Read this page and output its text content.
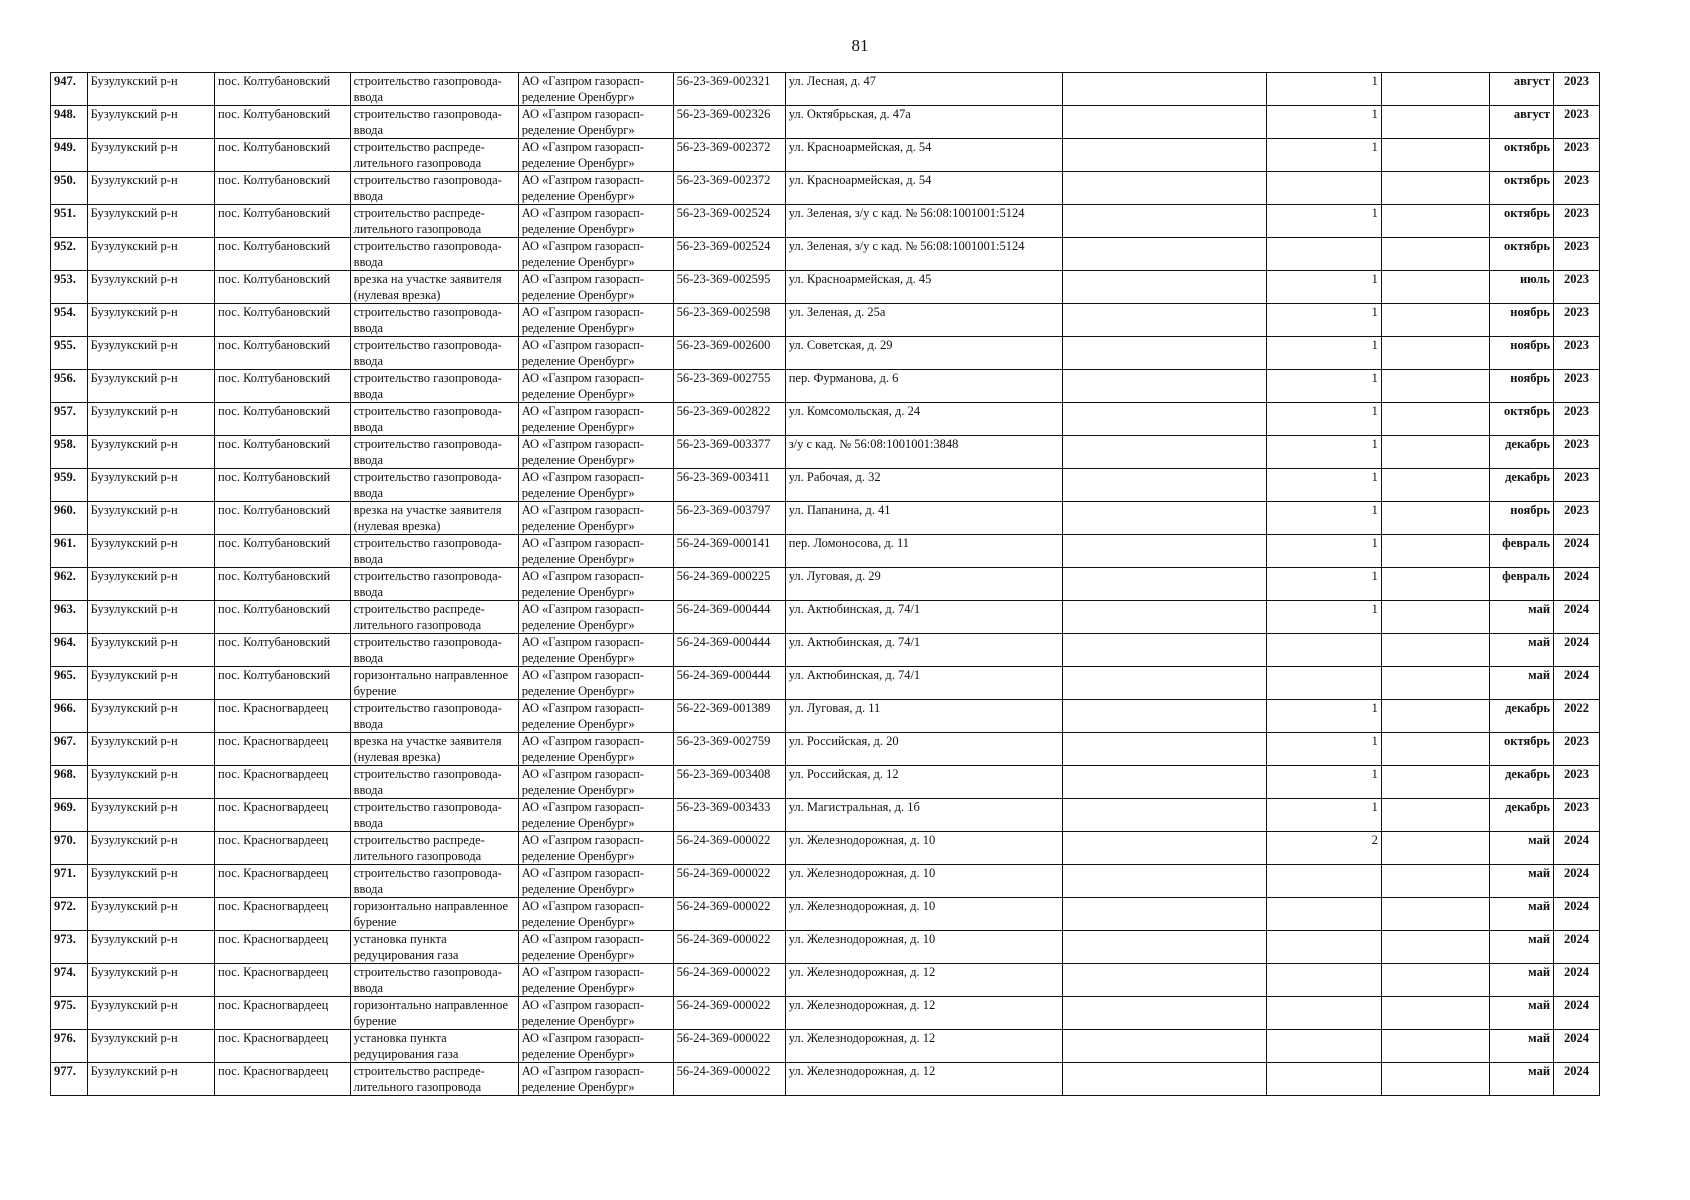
81
947.	Бузулукский р-н	пос. Колтубановский	строительство газопровода-ввода	АО «Газпром газорасп-ределение Оренбург»	56-23-369-002321	ул. Лесная, д. 47		1		август	2023
948.	Бузулукский р-н	пос. Колтубановский	строительство газопровода-ввода	АО «Газпром газорасп-ределение Оренбург»	56-23-369-002326	ул. Октябрьская, д. 47а		1		август	2023
949.	Бузулукский р-н	пос. Колтубановский	строительство распреде-лительного газопровода	АО «Газпром газорасп-ределение Оренбург»	56-23-369-002372	ул. Красноармейская, д. 54		1		октябрь	2023
950.	Бузулукский р-н	пос. Колтубановский	строительство газопровода-ввода	АО «Газпром газорасп-ределение Оренбург»	56-23-369-002372	ул. Красноармейская, д. 54				октябрь	2023
951.	Бузулукский р-н	пос. Колтубановский	строительство распреде-лительного газопровода	АО «Газпром газорасп-ределение Оренбург»	56-23-369-002524	ул. Зеленая, з/у с кад. № 56:08:1001001:5124		1		октябрь	2023
952.	Бузулукский р-н	пос. Колтубановский	строительство газопровода-ввода	АО «Газпром газорасп-ределение Оренбург»	56-23-369-002524	ул. Зеленая, з/у с кад. № 56:08:1001001:5124				октябрь	2023
953.	Бузулукский р-н	пос. Колтубановский	врезка на участке заявителя (нулевая врезка)	АО «Газпром газорасп-ределение Оренбург»	56-23-369-002595	ул. Красноармейская, д. 45		1		июль	2023
954.	Бузулукский р-н	пос. Колтубановский	строительство газопровода-ввода	АО «Газпром газорасп-ределение Оренбург»	56-23-369-002598	ул. Зеленая, д. 25а		1		ноябрь	2023
955.	Бузулукский р-н	пос. Колтубановский	строительство газопровода-ввода	АО «Газпром газорасп-ределение Оренбург»	56-23-369-002600	ул. Советская, д. 29		1		ноябрь	2023
956.	Бузулукский р-н	пос. Колтубановский	строительство газопровода-ввода	АО «Газпром газорасп-ределение Оренбург»	56-23-369-002755	пер. Фурманова, д. 6		1		ноябрь	2023
957.	Бузулукский р-н	пос. Колтубановский	строительство газопровода-ввода	АО «Газпром газорасп-ределение Оренбург»	56-23-369-002822	ул. Комсомольская, д. 24		1		октябрь	2023
958.	Бузулукский р-н	пос. Колтубановский	строительство газопровода-ввода	АО «Газпром газорасп-ределение Оренбург»	56-23-369-003377	з/у с кад. № 56:08:1001001:3848		1		декабрь	2023
959.	Бузулукский р-н	пос. Колтубановский	строительство газопровода-ввода	АО «Газпром газорасп-ределение Оренбург»	56-23-369-003411	ул. Рабочая, д. 32		1		декабрь	2023
960.	Бузулукский р-н	пос. Колтубановский	врезка на участке заявителя (нулевая врезка)	АО «Газпром газорасп-ределение Оренбург»	56-23-369-003797	ул. Папанина, д. 41		1		ноябрь	2023
961.	Бузулукский р-н	пос. Колтубановский	строительство газопровода-ввода	АО «Газпром газорасп-ределение Оренбург»	56-24-369-000141	пер. Ломоносова, д. 11		1		февраль	2024
962.	Бузулукский р-н	пос. Колтубановский	строительство газопровода-ввода	АО «Газпром газорасп-ределение Оренбург»	56-24-369-000225	ул. Луговая, д. 29		1		февраль	2024
963.	Бузулукский р-н	пос. Колтубановский	строительство распреде-лительного газопровода	АО «Газпром газорасп-ределение Оренбург»	56-24-369-000444	ул. Актюбинская, д. 74/1		1		май	2024
964.	Бузулукский р-н	пос. Колтубановский	строительство газопровода-ввода	АО «Газпром газорасп-ределение Оренбург»	56-24-369-000444	ул. Актюбинская, д. 74/1				май	2024
965.	Бузулукский р-н	пос. Колтубановский	горизонтально направленное бурение	АО «Газпром газорасп-ределение Оренбург»	56-24-369-000444	ул. Актюбинская, д. 74/1				май	2024
966.	Бузулукский р-н	пос. Красногвардеец	строительство газопровода-ввода	АО «Газпром газорасп-ределение Оренбург»	56-22-369-001389	ул. Луговая, д. 11		1		декабрь	2022
967.	Бузулукский р-н	пос. Красногвардеец	врезка на участке заявителя (нулевая врезка)	АО «Газпром газорасп-ределение Оренбург»	56-23-369-002759	ул. Российская, д. 20		1		октябрь	2023
968.	Бузулукский р-н	пос. Красногвардеец	строительство газопровода-ввода	АО «Газпром газорасп-ределение Оренбург»	56-23-369-003408	ул. Российская, д. 12		1		декабрь	2023
969.	Бузулукский р-н	пос. Красногвардеец	строительство газопровода-ввода	АО «Газпром газорасп-ределение Оренбург»	56-23-369-003433	ул. Магистральная, д. 1б		1		декабрь	2023
970.	Бузулукский р-н	пос. Красногвардеец	строительство распреде-лительного газопровода	АО «Газпром газорасп-ределение Оренбург»	56-24-369-000022	ул. Железнодорожная, д. 10		2		май	2024
971.	Бузулукский р-н	пос. Красногвардеец	строительство газопровода-ввода	АО «Газпром газорасп-ределение Оренбург»	56-24-369-000022	ул. Железнодорожная, д. 10				май	2024
972.	Бузулукский р-н	пос. Красногвардеец	горизонтально направленное бурение	АО «Газпром газорасп-ределение Оренбург»	56-24-369-000022	ул. Железнодорожная, д. 10				май	2024
973.	Бузулукский р-н	пос. Красногвардеец	установка пункта редуцирования газа	АО «Газпром газорасп-ределение Оренбург»	56-24-369-000022	ул. Железнодорожная, д. 10				май	2024
974.	Бузулукский р-н	пос. Красногвардеец	строительство газопровода-ввода	АО «Газпром газорасп-ределение Оренбург»	56-24-369-000022	ул. Железнодорожная, д. 12				май	2024
975.	Бузулукский р-н	пос. Красногвардеец	горизонтально направленное бурение	АО «Газпром газорасп-ределение Оренбург»	56-24-369-000022	ул. Железнодорожная, д. 12				май	2024
976.	Бузулукский р-н	пос. Красногвардеец	установка пункта редуцирования газа	АО «Газпром газорасп-ределение Оренбург»	56-24-369-000022	ул. Железнодорожная, д. 12				май	2024
977.	Бузулукский р-н	пос. Красногвардеец	строительство распреде-лительного газопровода	АО «Газпром газорасп-ределение Оренбург»	56-24-369-000022	ул. Железнодорожная, д. 12				май	2024
